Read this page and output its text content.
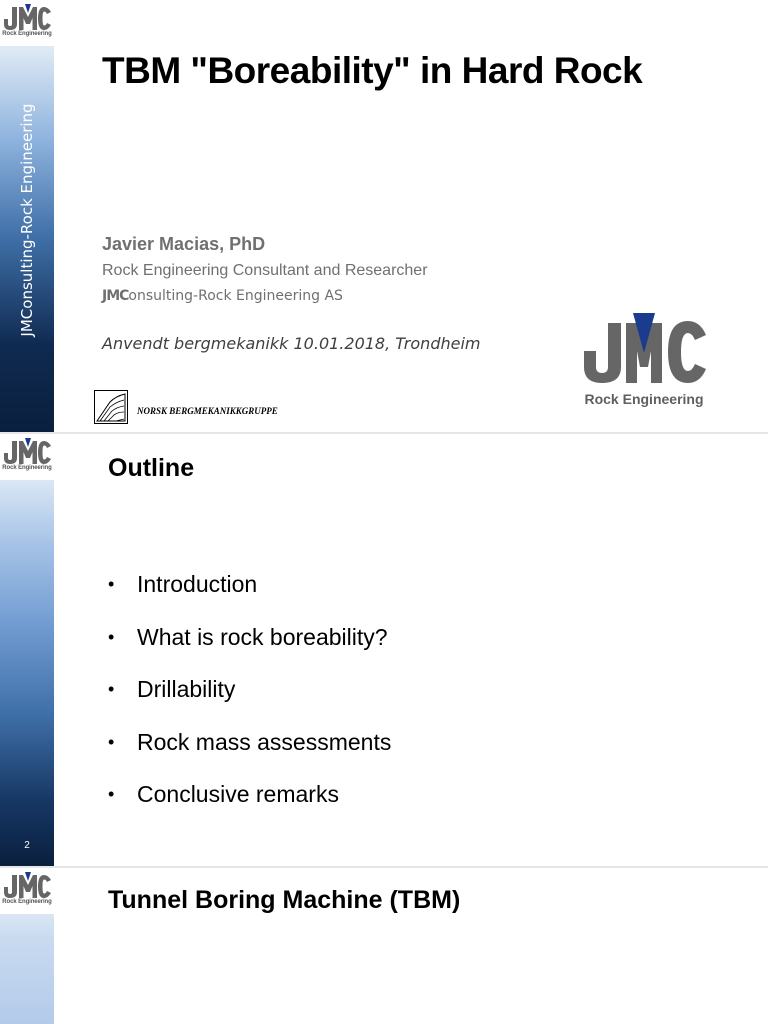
Rock Engineering
JMConsulting-Rock Engineering
TBM "Boreability" in Hard Rock
Javier Macias, PhD
Rock Engineering Consultant and Researcher
JMConsulting-Rock Engineering AS
Anvendt bergmekanikk 10.01.2018, Trondheim
NORSK BERGMEKANIKKGRUPPE
Rock Engineering
Rock Engineering
2
Outline
• Introduction
• What is rock boreability?
• Drillability
• Rock mass assessments
• Conclusive remarks
Rock Engineering Tunnel Boring Machine (TBM)
